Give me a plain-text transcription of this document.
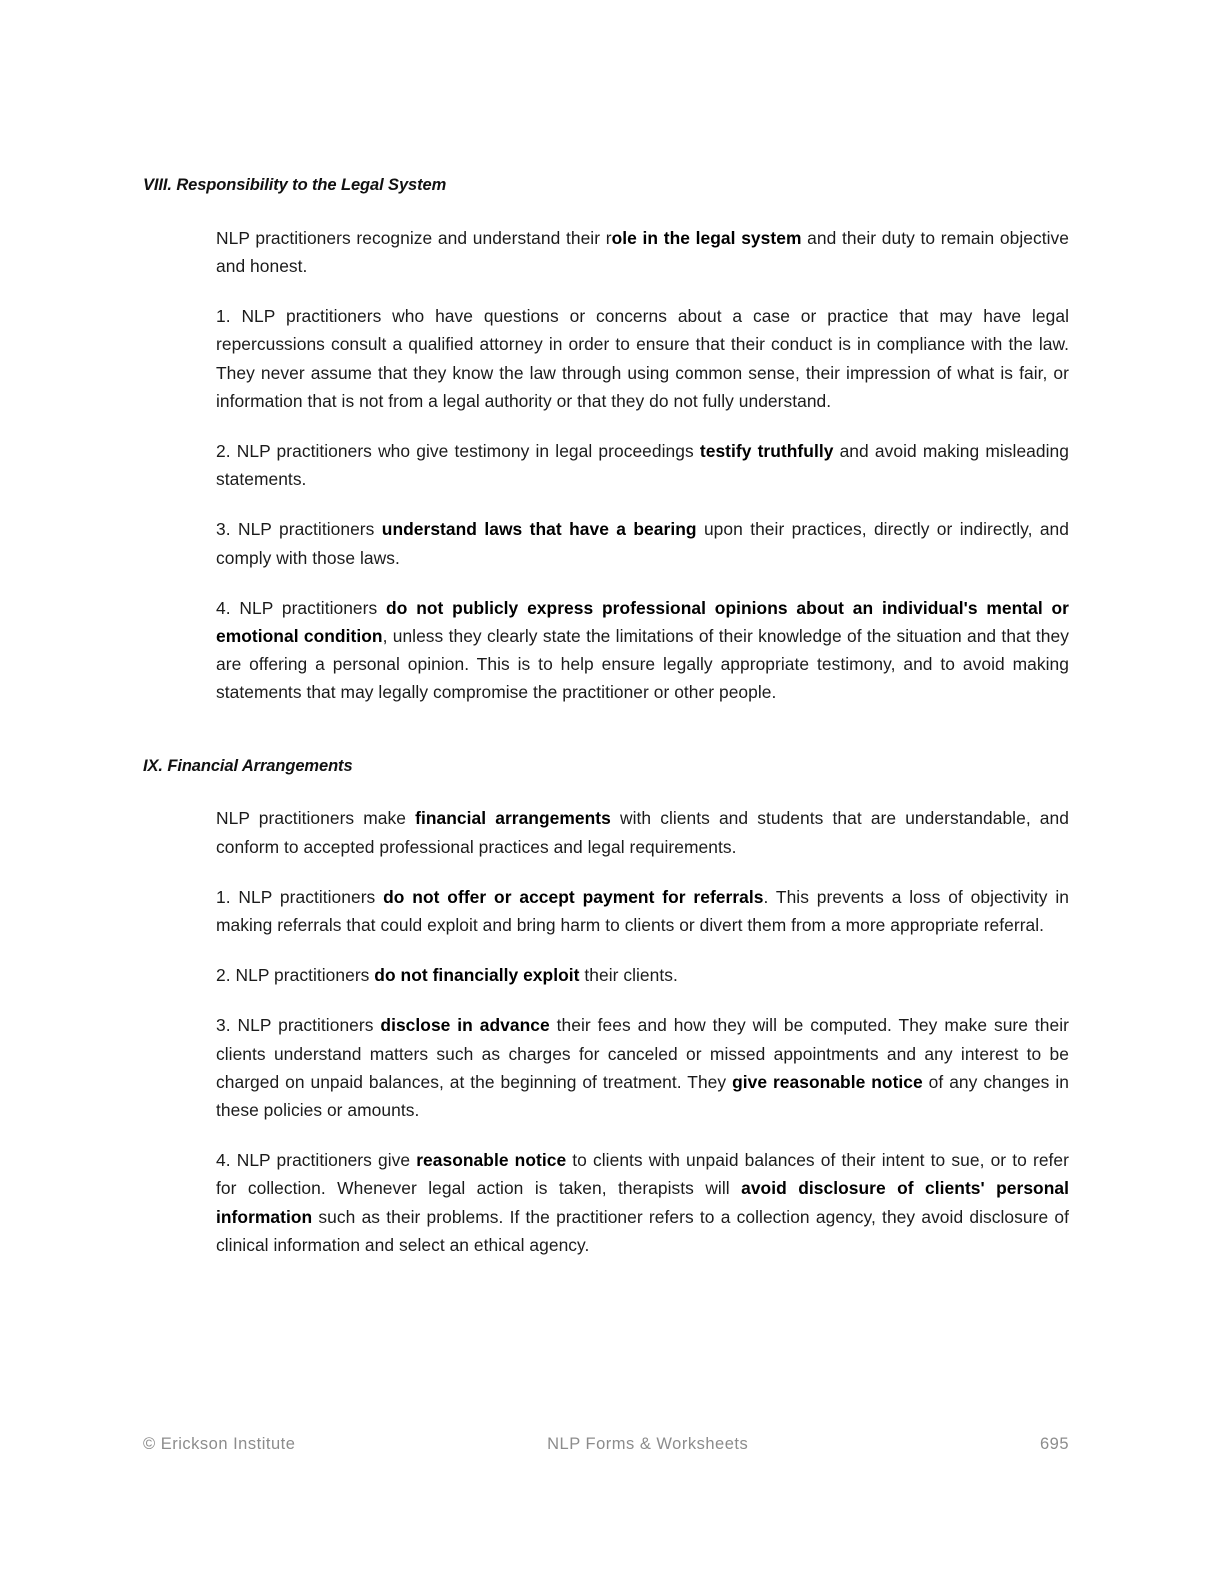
VIII. Responsibility to the Legal System

NLP practitioners recognize and understand their role in the legal system and their duty to remain objective and honest.

1. NLP practitioners who have questions or concerns about a case or practice that may have legal repercussions consult a qualified attorney in order to ensure that their conduct is in compliance with the law. They never assume that they know the law through using common sense, their impression of what is fair, or information that is not from a legal authority or that they do not fully understand.

2. NLP practitioners who give testimony in legal proceedings testify truthfully and avoid making misleading statements.

3. NLP practitioners understand laws that have a bearing upon their practices, directly or indirectly, and comply with those laws.

4. NLP practitioners do not publicly express professional opinions about an individual's mental or emotional condition, unless they clearly state the limitations of their knowledge of the situation and that they are offering a personal opinion. This is to help ensure legally appropriate testimony, and to avoid making statements that may legally compromise the practitioner or other people.

IX. Financial Arrangements

NLP practitioners make financial arrangements with clients and students that are understandable, and conform to accepted professional practices and legal requirements.

1. NLP practitioners do not offer or accept payment for referrals. This prevents a loss of objectivity in making referrals that could exploit and bring harm to clients or divert them from a more appropriate referral.

2. NLP practitioners do not financially exploit their clients.

3. NLP practitioners disclose in advance their fees and how they will be computed. They make sure their clients understand matters such as charges for canceled or missed appointments and any interest to be charged on unpaid balances, at the beginning of treatment. They give reasonable notice of any changes in these policies or amounts.

4. NLP practitioners give reasonable notice to clients with unpaid balances of their intent to sue, or to refer for collection. Whenever legal action is taken, therapists will avoid disclosure of clients' personal information such as their problems. If the practitioner refers to a collection agency, they avoid disclosure of clinical information and select an ethical agency.

© Erickson Institute	NLP Forms & Worksheets	695
